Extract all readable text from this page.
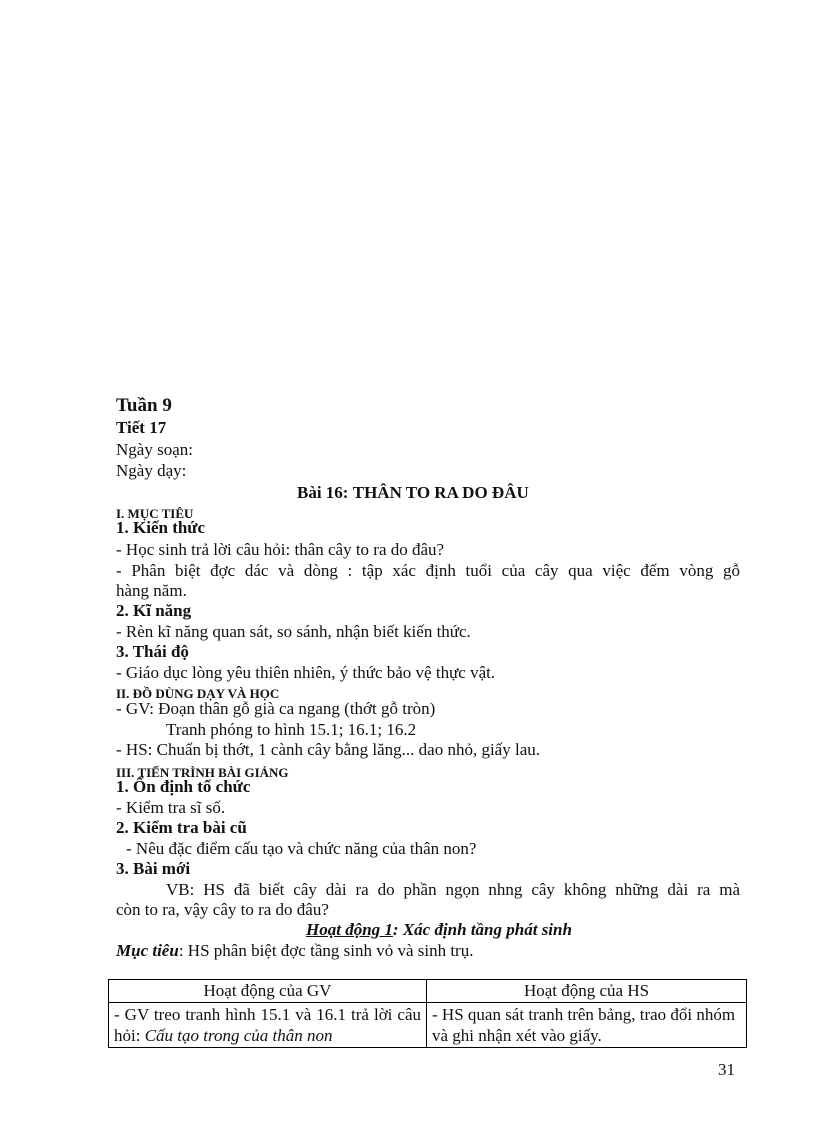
Tuần 9
Tiết 17
Ngày soạn:
Ngày dạy:
Bài 16: THÂN TO RA DO ĐÂU
I. MỤC TIÊU
1. Kiến thức
- Học sinh trả lời câu hỏi: thân cây to ra do đâu?
- Phân biệt đợc dác và dòng : tập xác định tuổi của cây qua việc đếm vòng gỗ
hàng năm.
2. Kĩ năng
- Rèn kĩ năng quan sát, so sánh, nhận biết kiến thức.
3. Thái độ
- Giáo dục lòng yêu thiên nhiên, ý thức bảo vệ thực vật.
II. ĐỒ DÙNG DẠY VÀ HỌC
- GV: Đoạn thân gỗ già ca ngang (thớt gỗ tròn)
Tranh phóng to hình 15.1; 16.1; 16.2
- HS: Chuẩn bị thớt, 1 cành cây bằng lăng... dao nhỏ, giấy lau.
III. TIẾN TRÌNH BÀI GIẢNG
1. Ổn định tổ chức
- Kiểm tra sĩ số.
2. Kiểm tra bài cũ
- Nêu đặc điểm cấu tạo và chức năng của thân non?
3. Bài mới
VB: HS đã biết cây dài ra do phần ngọn nhng cây không những dài ra mà
còn to ra, vậy cây to ra do đâu?
Hoạt động 1: Xác định tầng phát sinh
Mục tiêu: HS phân biệt đợc tầng sinh vỏ và sinh trụ.
Hoạt động của GV	Hoạt động của HS
- GV treo tranh hình 15.1 và 16.1 trả lời câu hỏi: Cấu tạo trong của thân non	- HS quan sát tranh trên bảng, trao đổi nhóm và ghi nhận xét vào giấy.
31
